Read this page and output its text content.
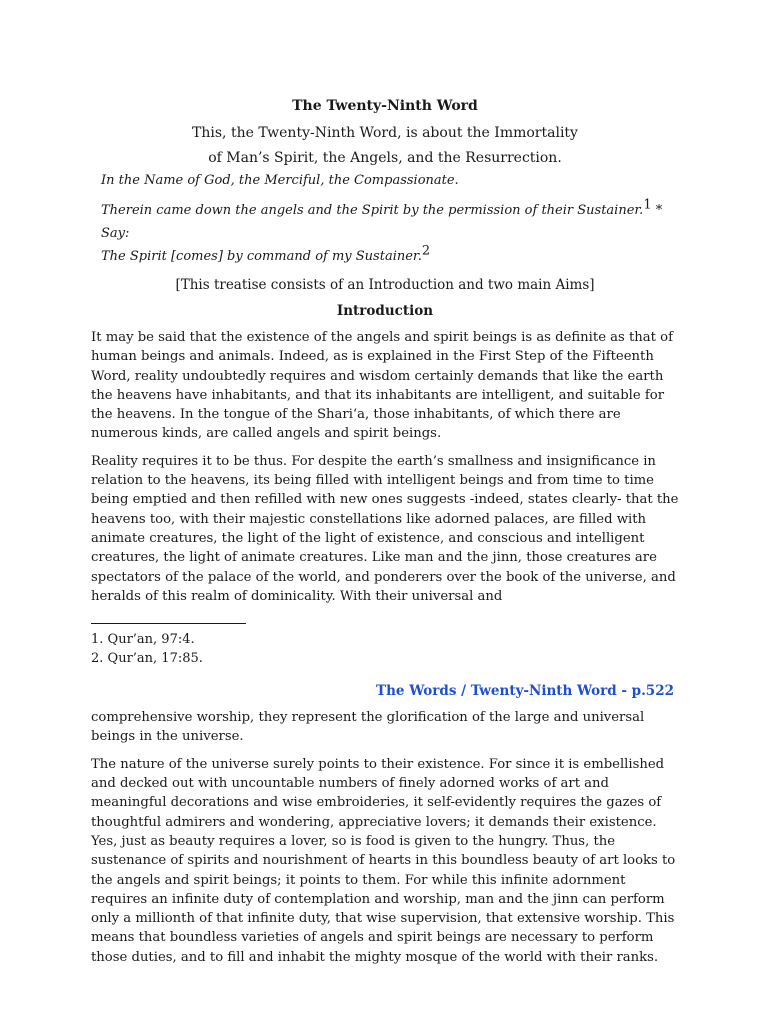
The Twenty-Ninth Word

This, the Twenty-Ninth Word, is about the Immortality

of Man’s Spirit, the Angels, and the Resurrection.

In the Name of God, the Merciful, the Compassionate.

Therein came down the angels and the Spirit by the permission of their Sustainer.$^1$ * Say:

The Spirit [comes] by command of my Sustainer.$^2$

[This treatise consists of an Introduction and two main Aims]

Introduction

It may be said that the existence of the angels and spirit beings is as definite as that of human beings and animals. Indeed, as is explained in the First Step of the Fifteenth Word, reality undoubtedly requires and wisdom certainly demands that like the earth the heavens have inhabitants, and that its inhabitants are intelligent, and suitable for the heavens. In the tongue of the Shari‘a, those inhabitants, of which there are numerous kinds, are called angels and spirit beings.

Reality requires it to be thus. For despite the earth’s smallness and insignificance in relation to the heavens, its being filled with intelligent beings and from time to time being emptied and then refilled with new ones suggests -indeed, states clearly- that the heavens too, with their majestic constellations like adorned palaces, are filled with animate creatures, the light of the light of existence, and conscious and intelligent creatures, the light of animate creatures. Like man and the jinn, those creatures are spectators of the palace of the world, and ponderers over the book of the universe, and heralds of this realm of dominicality. With their universal and

1. Qur’an, 97:4.

2. Qur’an, 17:85.

The Words / Twenty-Ninth Word - p.522

comprehensive worship, they represent the glorification of the large and universal beings in the universe.

The nature of the universe surely points to their existence. For since it is embellished and decked out with uncountable numbers of finely adorned works of art and meaningful decorations and wise embroideries, it self-evidently requires the gazes of thoughtful admirers and wondering, appreciative lovers; it demands their existence. Yes, just as beauty requires a lover, so is food is given to the hungry. Thus, the sustenance of spirits and nourishment of hearts in this boundless beauty of art looks to the angels and spirit beings; it points to them. For while this infinite adornment requires an infinite duty of contemplation and worship, man and the jinn can perform only a millionth of that infinite duty, that wise supervision, that extensive worship. This means that boundless varieties of angels and spirit beings are necessary to perform those duties, and to fill and inhabit the mighty mosque of the world with their ranks.
